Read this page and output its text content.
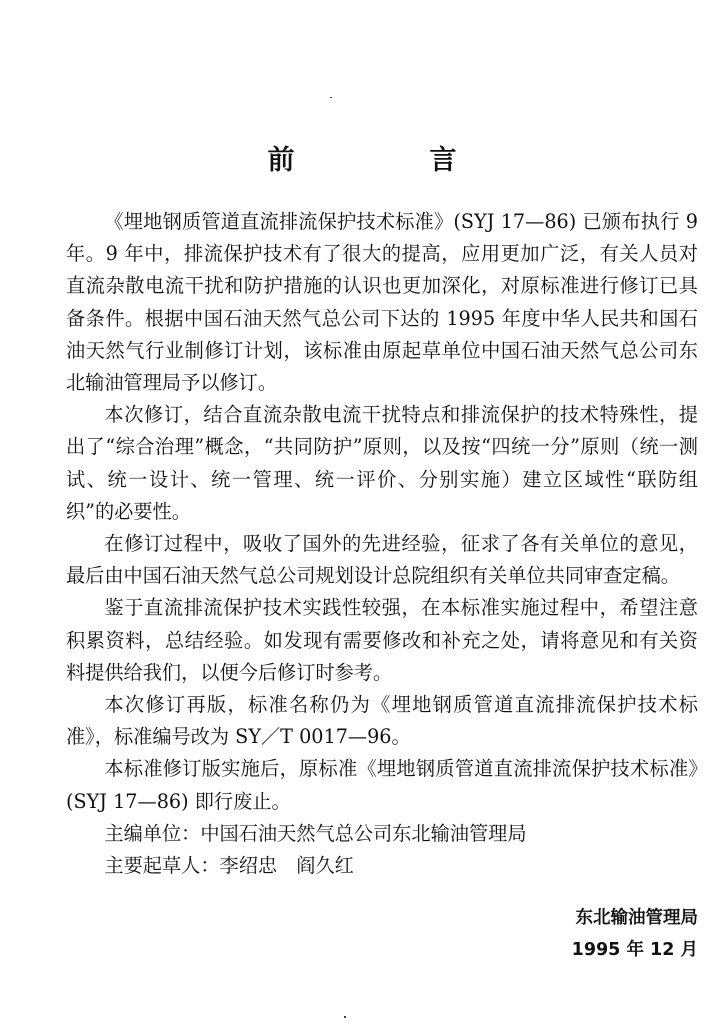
前　言

《埋地钢质管道直流排流保护技术标准》(SYJ 17—86) 已颁布执行 9 年。9 年中，排流保护技术有了很大的提高，应用更加广泛，有关人员对直流杂散电流干扰和防护措施的认识也更加深化，对原标准进行修订已具备条件。根据中国石油天然气总公司下达的 1995 年度中华人民共和国石油天然气行业制修订计划，该标准由原起草单位中国石油天然气总公司东北输油管理局予以修订。

本次修订，结合直流杂散电流干扰特点和排流保护的技术特殊性，提出了“综合治理”概念，“共同防护”原则，以及按“四统一分”原则（统一测试、统一设计、统一管理、统一评价、分别实施）建立区域性“联防组织”的必要性。

在修订过程中，吸收了国外的先进经验，征求了各有关单位的意见，最后由中国石油天然气总公司规划设计总院组织有关单位共同审查定稿。

鉴于直流排流保护技术实践性较强，在本标准实施过程中，希望注意积累资料，总结经验。如发现有需要修改和补充之处，请将意见和有关资料提供给我们，以便今后修订时参考。

本次修订再版，标准名称仍为《埋地钢质管道直流排流保护技术标准》，标准编号改为 SY／T 0017—96。

本标准修订版实施后，原标准《埋地钢质管道直流排流保护技术标准》(SYJ 17—86) 即行废止。

主编单位：中国石油天然气总公司东北输油管理局

主要起草人：李绍忠　阎久红

东北输油管理局
1995 年 12 月
